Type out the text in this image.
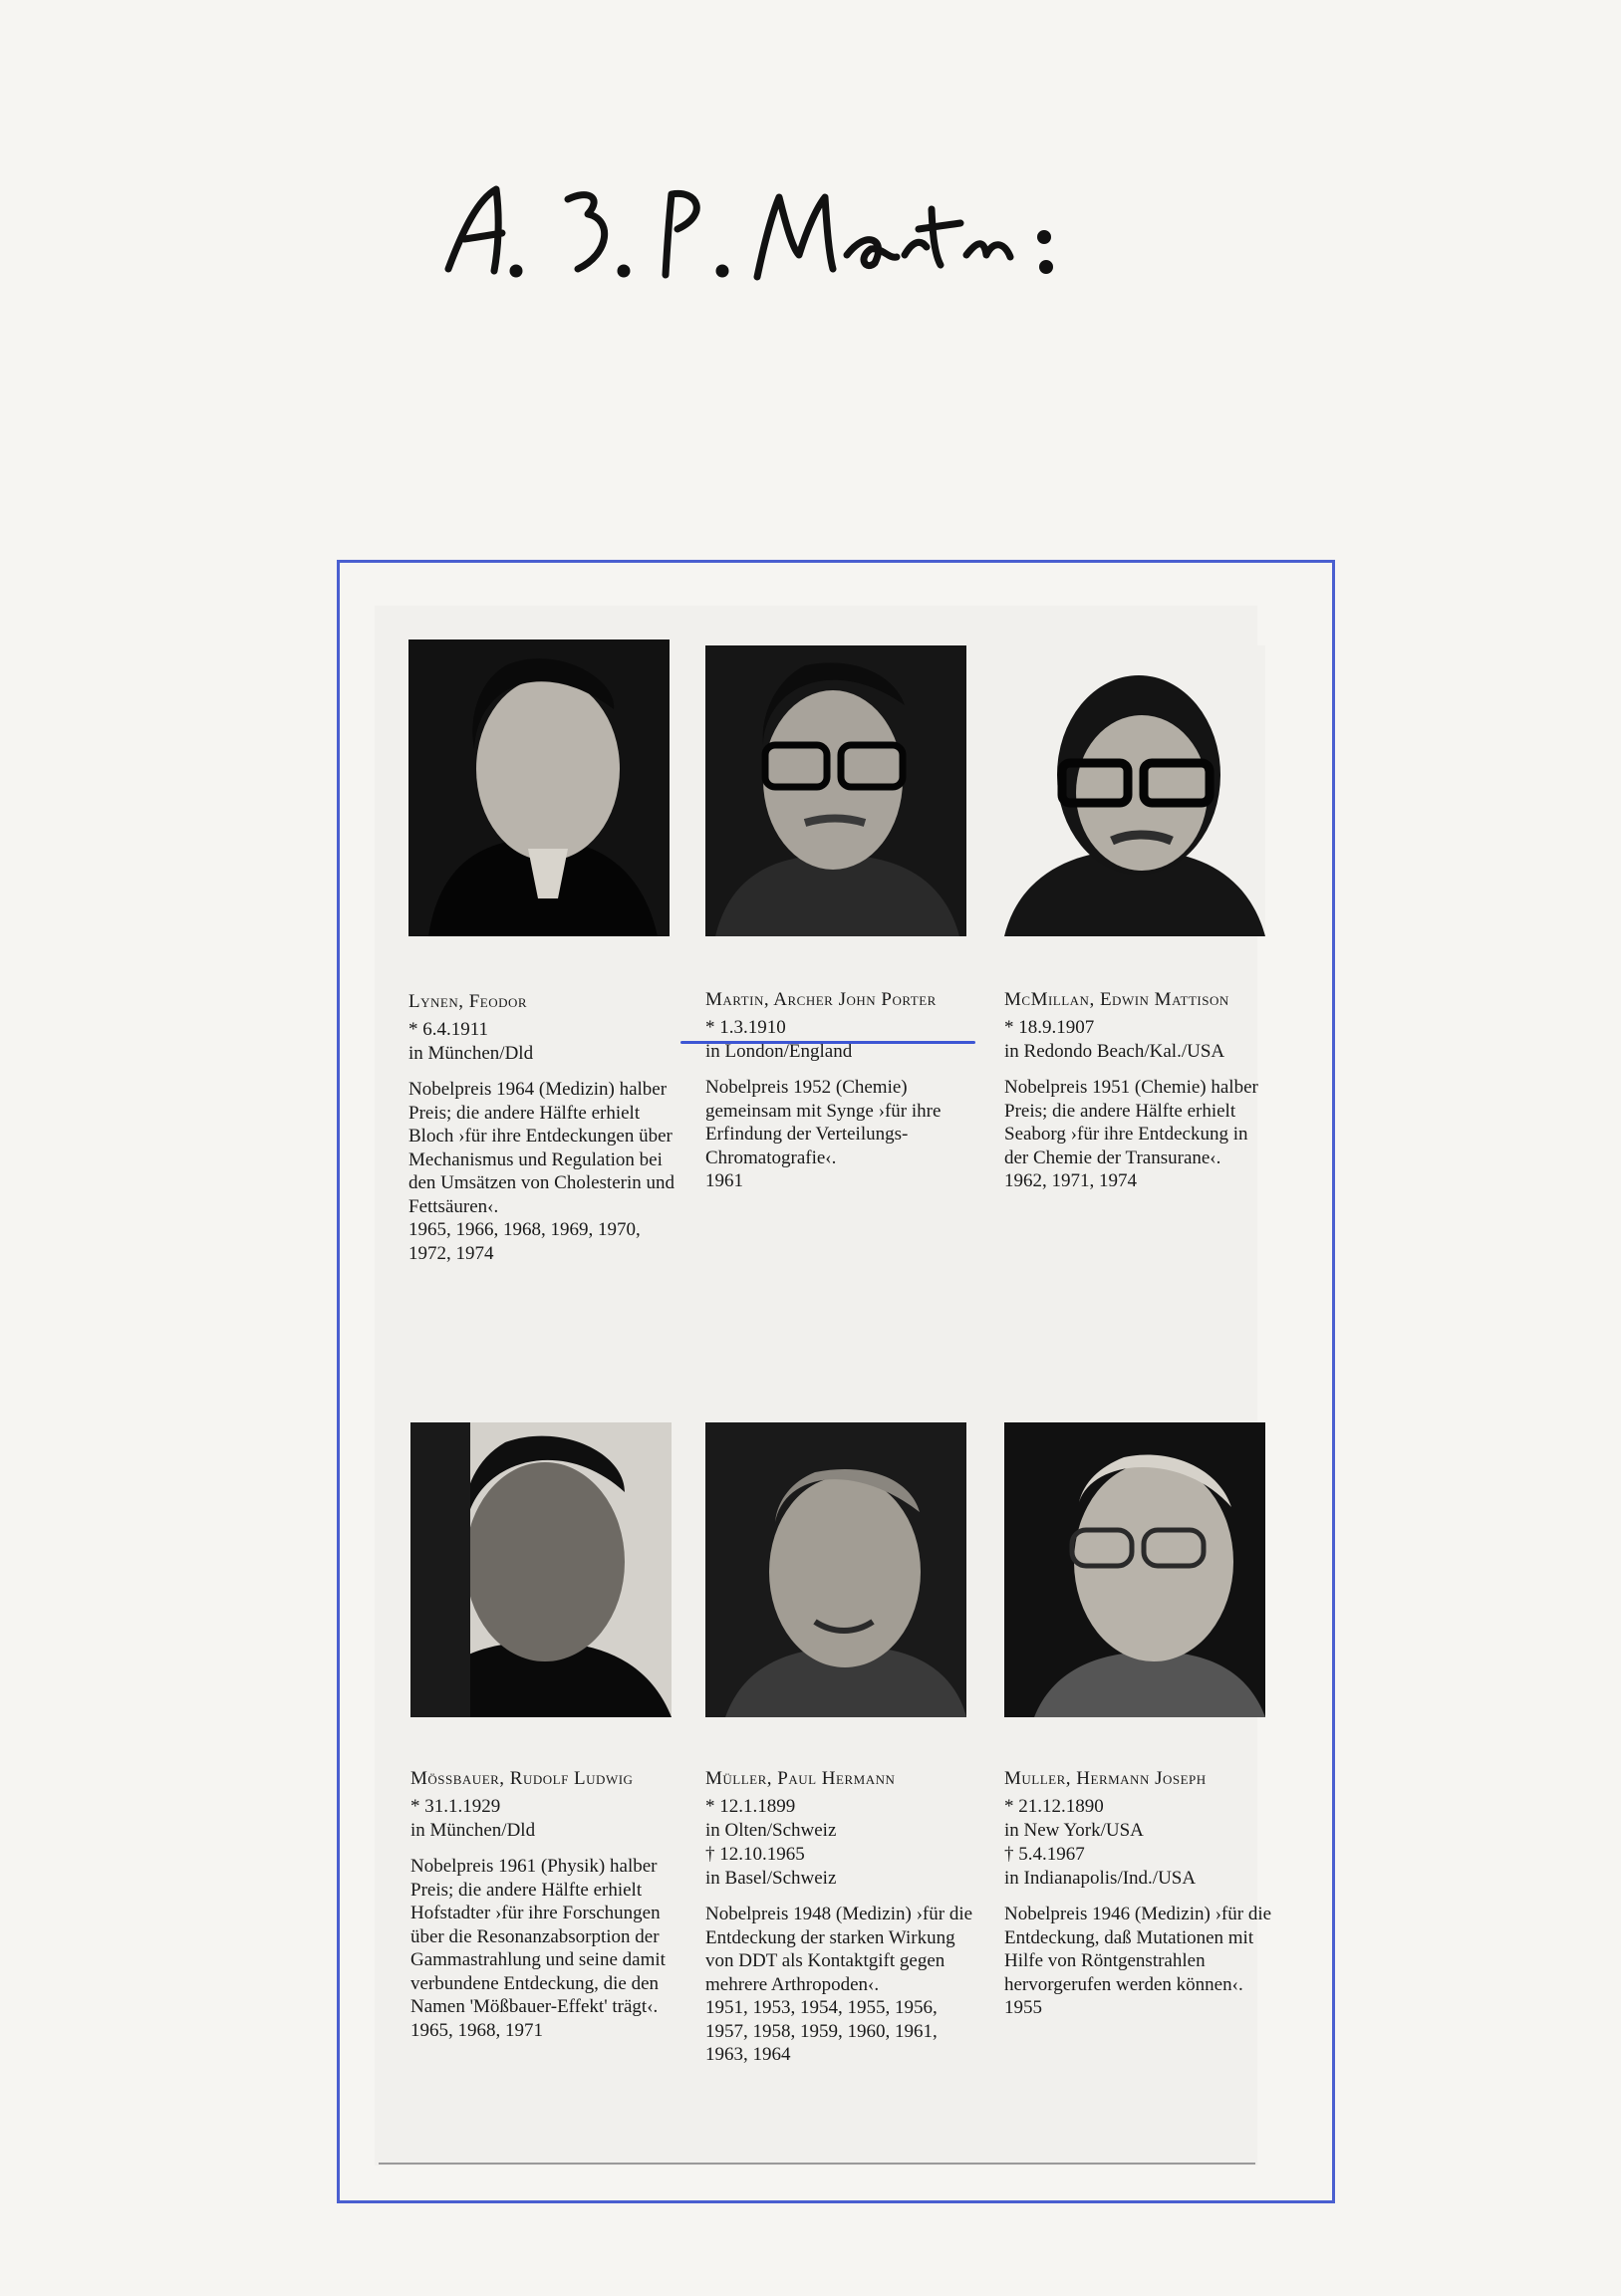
Lynen, Feodor
* 6.4.1911
in München/Dld
Nobelpreis 1964 (Medizin) halber Preis; die andere Hälfte erhielt Bloch ›für ihre Entdeckungen über Mechanismus und Regulation bei den Umsätzen von Cholesterin und Fettsäuren‹.
1965, 1966, 1968, 1969, 1970, 1972, 1974
Martin, Archer John Porter
* 1.3.1910
in London/England
Nobelpreis 1952 (Chemie) gemeinsam mit Synge ›für ihre Erfindung der Verteilungs-Chromatografie‹.
1961
McMillan, Edwin Mattison
* 18.9.1907
in Redondo Beach/Kal./USA
Nobelpreis 1951 (Chemie) halber Preis; die andere Hälfte erhielt Seaborg ›für ihre Entdeckung in der Chemie der Transurane‹.
1962, 1971, 1974
Mössbauer, Rudolf Ludwig
* 31.1.1929
in München/Dld
Nobelpreis 1961 (Physik) halber Preis; die andere Hälfte erhielt Hofstadter ›für ihre Forschungen über die Resonanzabsorption der Gammastrahlung und seine damit verbundene Entdeckung, die den Namen 'Mößbauer-Effekt' trägt‹.
1965, 1968, 1971
Müller, Paul Hermann
* 12.1.1899
in Olten/Schweiz
† 12.10.1965
in Basel/Schweiz
Nobelpreis 1948 (Medizin) ›für die Entdeckung der starken Wirkung von DDT als Kontaktgift gegen mehrere Arthropoden‹.
1951, 1953, 1954, 1955, 1956, 1957, 1958, 1959, 1960, 1961, 1963, 1964
Muller, Hermann Joseph
* 21.12.1890
in New York/USA
† 5.4.1967
in Indianapolis/Ind./USA
Nobelpreis 1946 (Medizin) ›für die Entdeckung, daß Mutationen mit Hilfe von Röntgenstrahlen hervorgerufen werden können‹.
1955
